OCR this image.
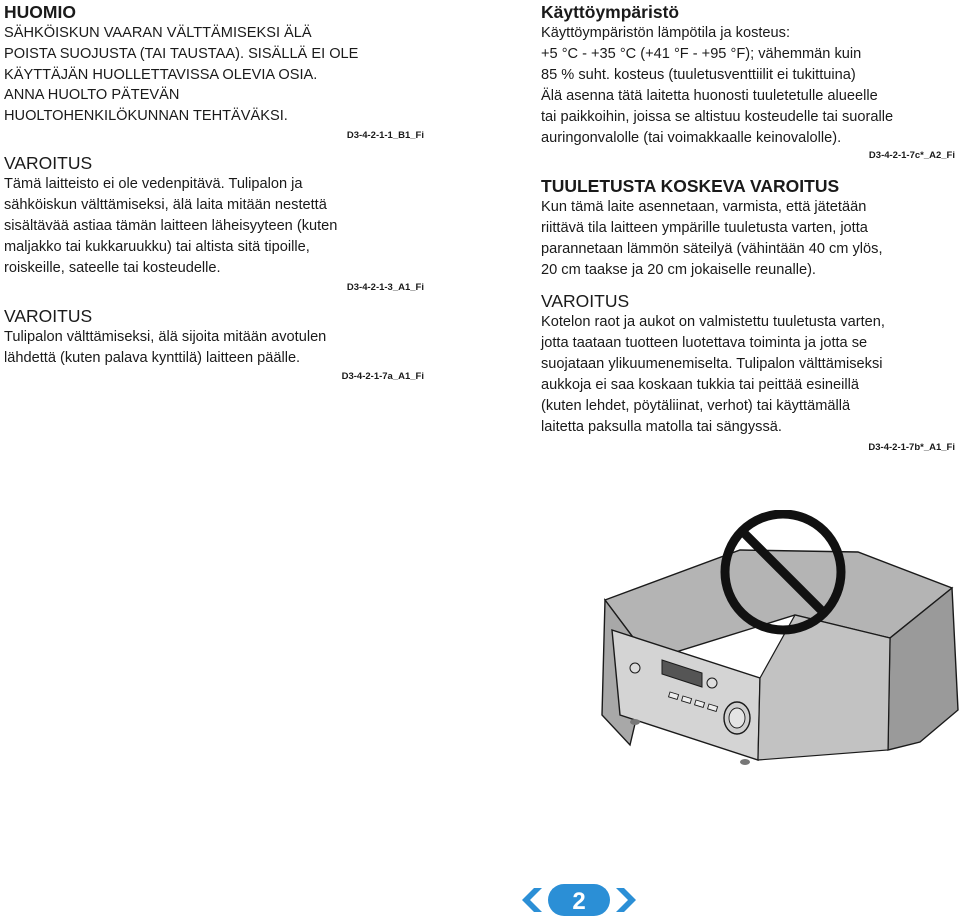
HUOMIO
SÄHKÖISKUN VAARAN VÄLTTÄMISEKSI ÄLÄ
POISTA SUOJUSTA (TAI TAUSTAA). SISÄLLÄ EI OLE
KÄYTTÄJÄN HUOLLETTAVISSA OLEVIA OSIA.
ANNA HUOLTO PÄTEVÄN
HUOLTOHENKILÖKUNNAN TEHTÄVÄKSI.
D3-4-2-1-1_B1_Fi
VAROITUS
Tämä laitteisto ei ole vedenpitävä. Tulipalon ja
sähköiskun välttämiseksi, älä laita mitään nestettä
sisältävää astiaa tämän laitteen läheisyyteen (kuten
maljakko tai kukkaruukku) tai altista sitä tipoille,
roiskeille, sateelle tai kosteudelle.
D3-4-2-1-3_A1_Fi
VAROITUS
Tulipalon välttämiseksi, älä sijoita mitään avotulen
lähdettä (kuten palava kynttilä) laitteen päälle.
D3-4-2-1-7a_A1_Fi
Käyttöympäristö
Käyttöympäristön lämpötila ja kosteus:
+5 °C - +35 °C (+41 °F - +95 °F); vähemmän kuin
85 % suht. kosteus (tuuletusventtiilit ei tukittuina)
Älä asenna tätä laitetta huonosti tuuletetulle alueelle
tai paikkoihin, joissa se altistuu kosteudelle tai suoralle
auringonvalolle (tai voimakkaalle keinovalolle).
D3-4-2-1-7c*_A2_Fi
TUULETUSTA KOSKEVA VAROITUS
Kun tämä laite asennetaan, varmista, että jätetään
riittävä tila laitteen ympärille tuuletusta varten, jotta
parannetaan lämmön säteilyä (vähintään 40 cm ylös,
20 cm taakse ja 20 cm jokaiselle reunalle).
VAROITUS
Kotelon raot ja aukot on valmistettu tuuletusta varten,
jotta taataan tuotteen luotettava toiminta ja jotta se
suojataan ylikuumenemiselta. Tulipalon välttämiseksi
aukkoja ei saa koskaan tukkia tai peittää esineillä
(kuten lehdet, pöytäliinat, verhot) tai käyttämällä
laitetta paksulla matolla tai sängyssä.
D3-4-2-1-7b*_A1_Fi
2
